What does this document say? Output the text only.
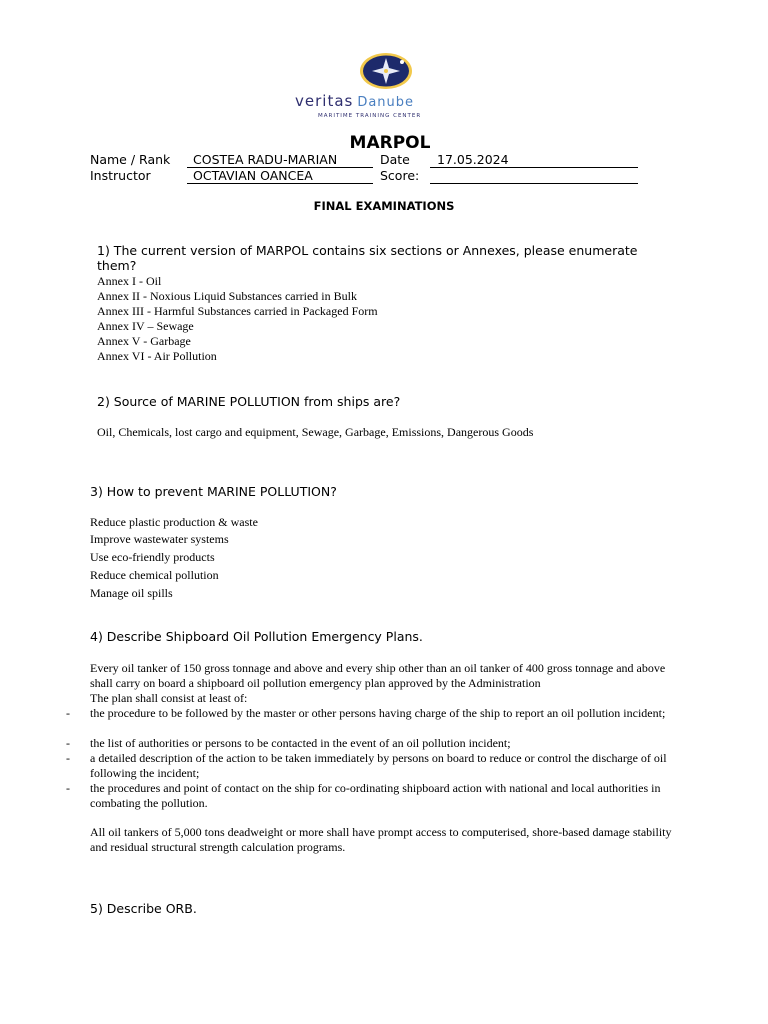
veritas Danube
MARITIME TRAINING CENTER
MARPOL
Name / Rank COSTEA RADU-MARIAN	Date 17.05.2024
Instructor	OCTAVIAN OANCEA	Score:
FINAL EXAMINATIONS
1) The current version of MARPOL contains six sections or Annexes, please enumerate them?
Annex I - Oil
Annex II - Noxious Liquid Substances carried in Bulk
Annex III - Harmful Substances carried in Packaged Form
Annex IV – Sewage
Annex V - Garbage
Annex VI - Air Pollution
2) Source of MARINE POLLUTION from ships are?
Oil, Chemicals, lost cargo and equipment, Sewage, Garbage, Emissions, Dangerous Goods
3) How to prevent MARINE POLLUTION?
Reduce plastic production & waste
Improve wastewater systems
Use eco-friendly products
Reduce chemical pollution
Manage oil spills
4) Describe Shipboard Oil Pollution Emergency Plans.
Every oil tanker of 150 gross tonnage and above and every ship other than an oil tanker of 400 gross tonnage and above shall carry on board a shipboard oil pollution emergency plan approved by the Administration
The plan shall consist at least of:
- the procedure to be followed by the master or other persons having charge of the ship to report an oil pollution incident;
- the list of authorities or persons to be contacted in the event of an oil pollution incident;
- a detailed description of the action to be taken immediately by persons on board to reduce or control the discharge of oil following the incident;
- the procedures and point of contact on the ship for co-ordinating shipboard action with national and local authorities in combating the pollution.
All oil tankers of 5,000 tons deadweight or more shall have prompt access to computerised, shore-based damage stability and residual structural strength calculation programs.
5) Describe ORB.
